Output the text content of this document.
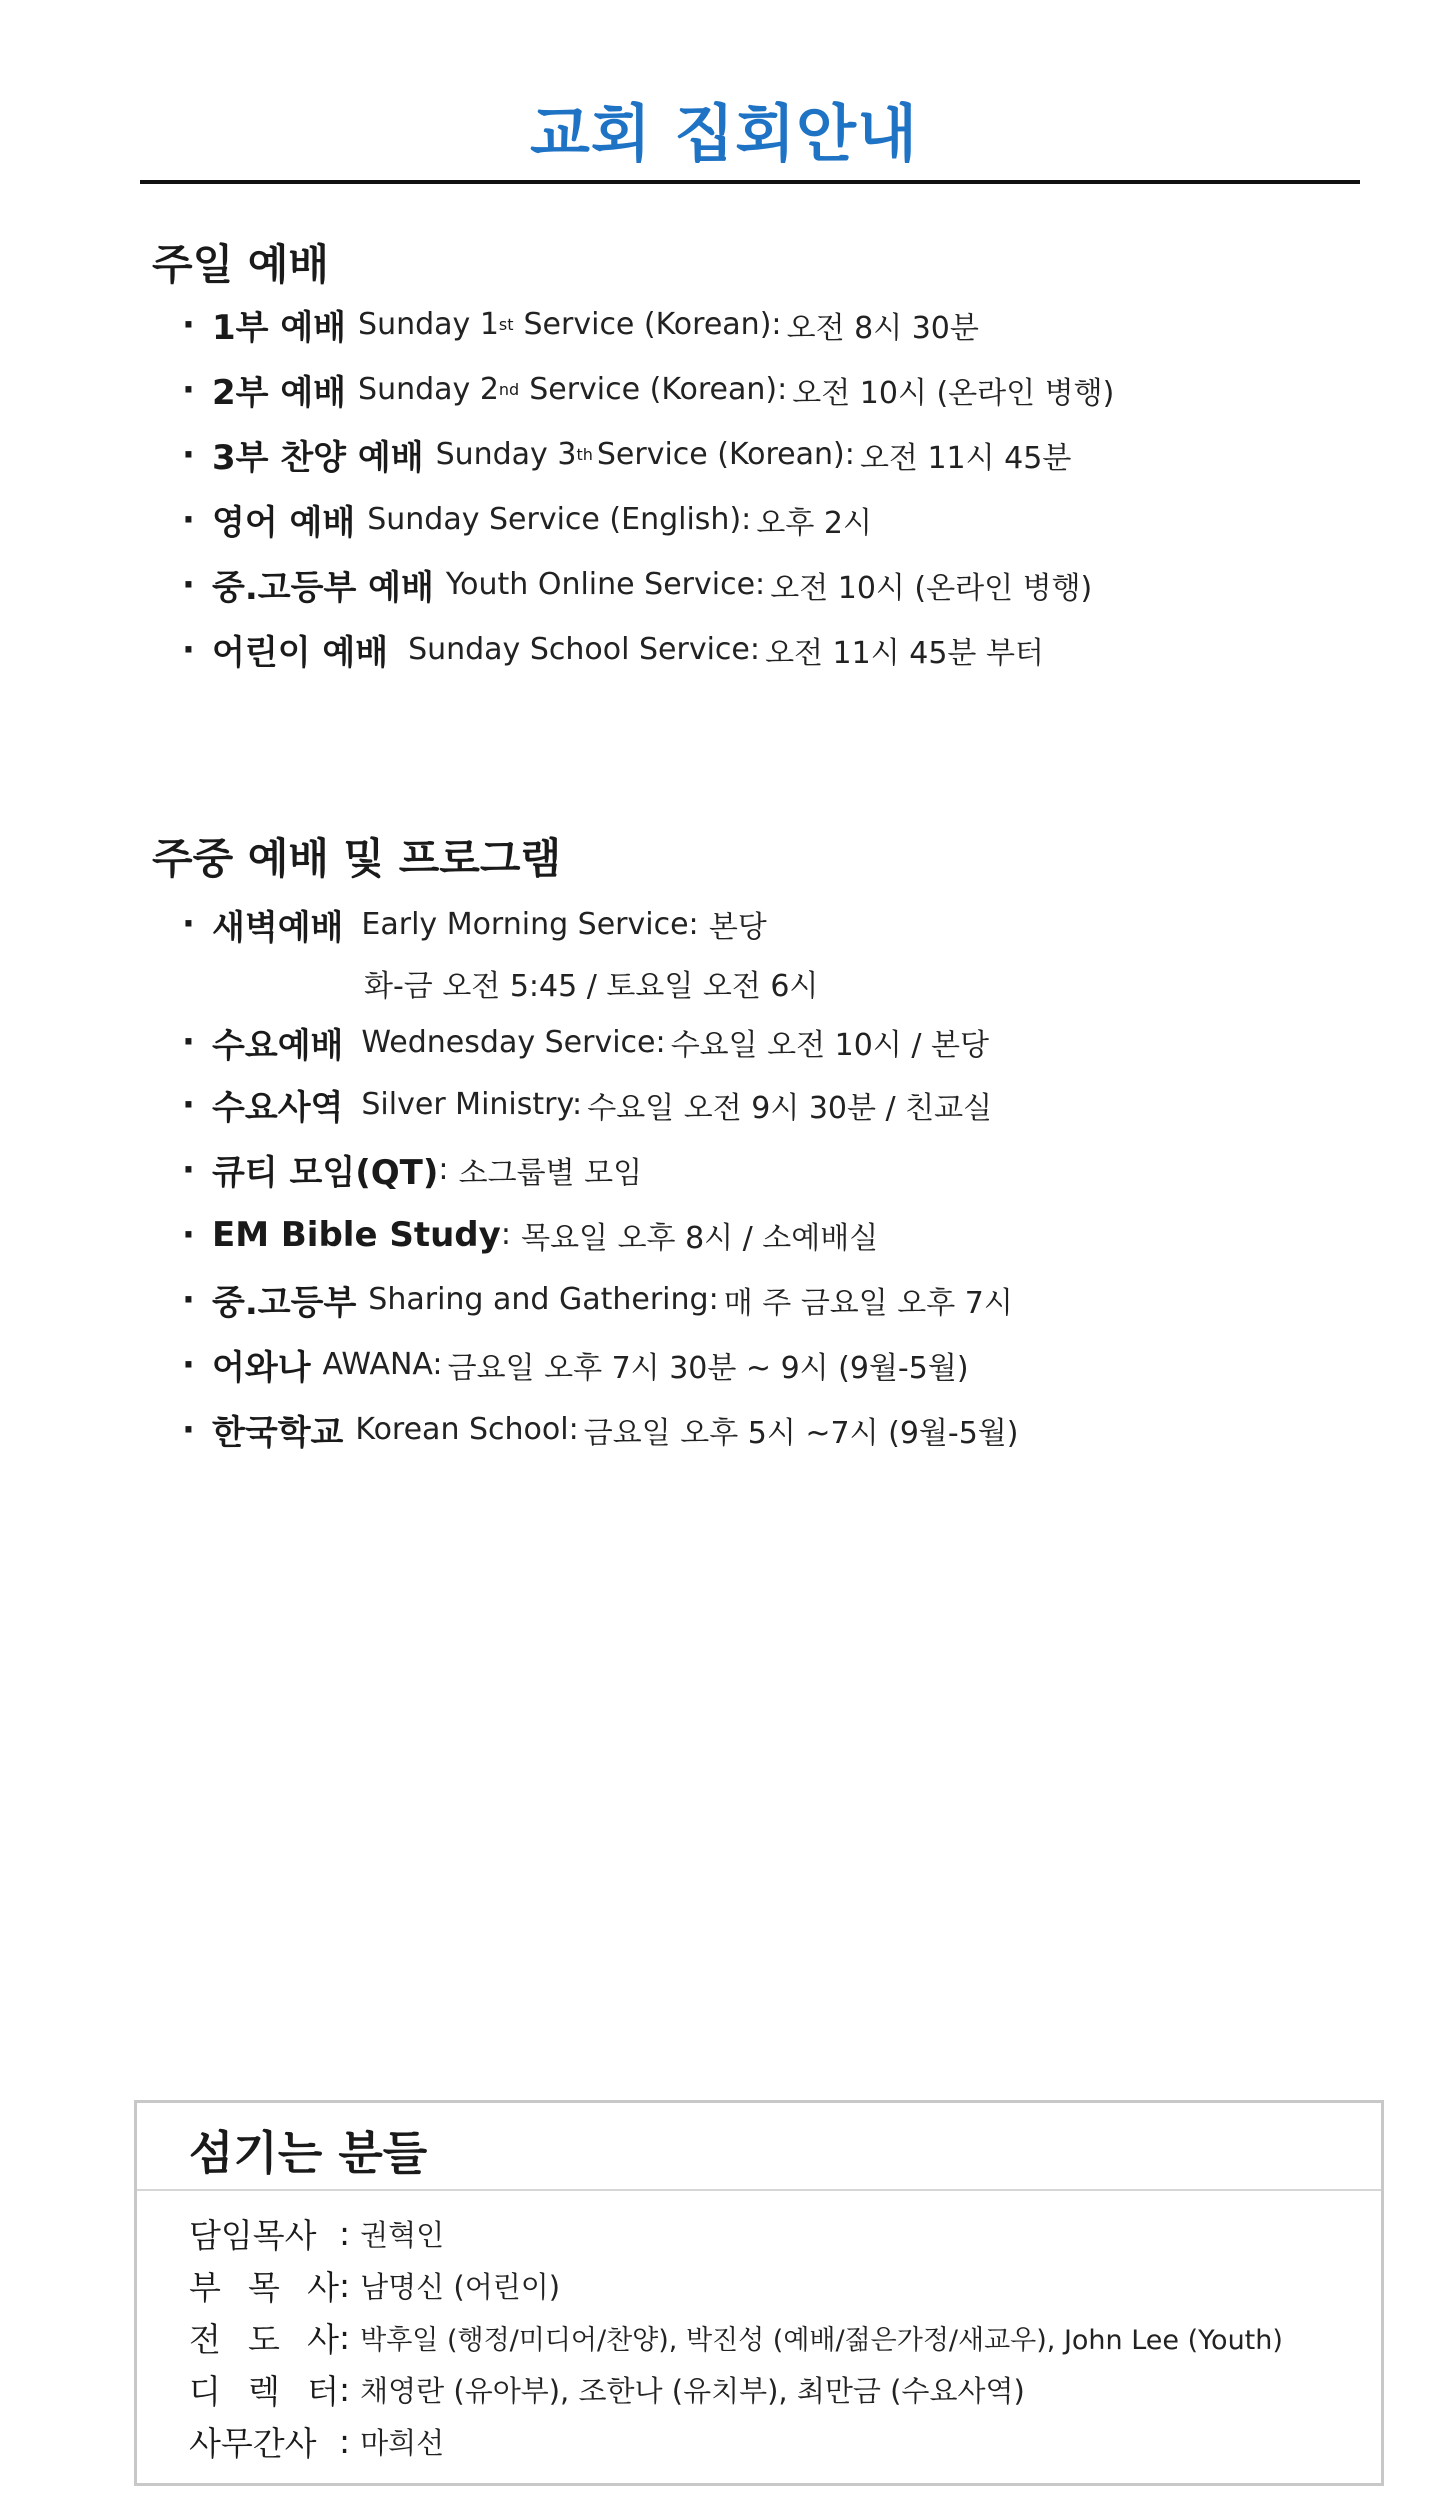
교회 집회안내
주일 예배
· 1부 예배 Sunday 1 st Service (Korean):
오전 8시 30분
· 2부 예배 Sunday 2 nd Service (Korean):
오전 10시 (온라인 병행)
· 3부 찬양 예배 Sunday 3 th Service (Korean):
오전 11시 45분
· 영어 예배 Sunday Service (English):
오후 2시
· 중.고등부 예배 Youth Online Service:
오전 10시 (온라인 병행)
· 어린이 예배 Sunday School Service:
오전 11시 45분 부터
주중 예배 및 프로그램
· 새벽예배 Early Morning Service:
본당
화-금 오전 5:45 / 토요일 오전 6시
· 수요예배 Wednesday Service:
수요일 오전 10시 / 본당
· 수요사역 Silver Ministry:
수요일 오전 9시 30분 / 친교실
· 큐티 모임(QT) :
소그룹별 모임
· EM Bible Study :
목요일 오후 8시 / 소예배실
· 중.고등부 Sharing and Gathering:
매 주 금요일 오후 7시
· 어와나 AWANA:
금요일 오후 7시 30분 ~ 9시 (9월-5월)
· 한국학교 Korean School:
금요일 오후 5시 ~7시 (9월-5월)
섬기는 분들
담임목사 : 권혁인
부 목 사 : 남명신 (어린이)
전 도 사 : 박후일 (행정/미디어/찬양), 박진성 (예배/젊은가정/새교우), John Lee (Youth)
디 렉 터 : 채영란 (유아부), 조한나 (유치부), 최만금 (수요사역)
사무간사 : 마희선
